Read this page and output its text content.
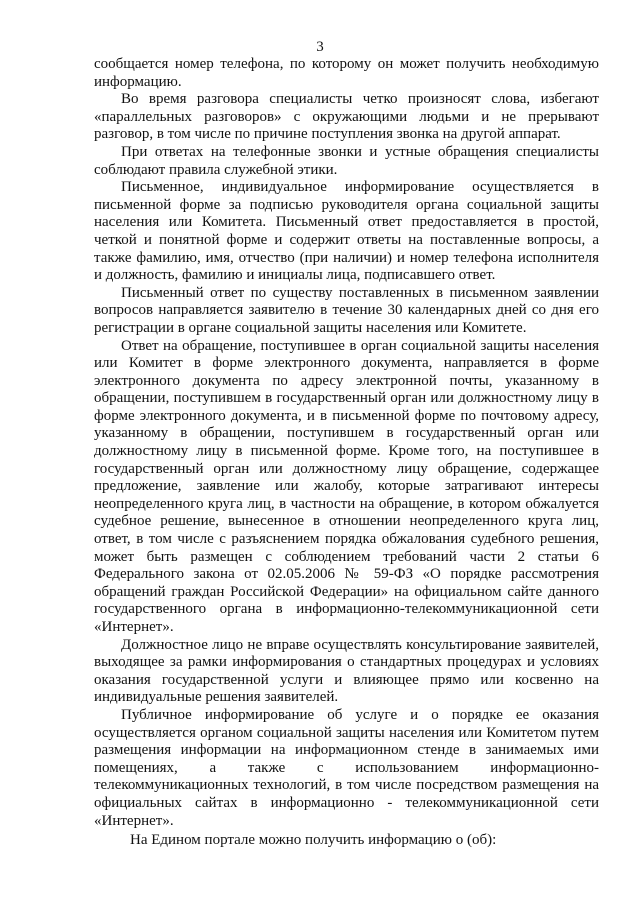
3

сообщается номер телефона, по которому он может получить необходимую информацию.

Во время разговора специалисты четко произносят слова, избегают «параллельных разговоров» с окружающими людьми и не прерывают разговор, в том числе по причине поступления звонка на другой аппарат.

При ответах на телефонные звонки и устные обращения специалисты соблюдают правила служебной этики.

Письменное, индивидуальное информирование осуществляется в письменной форме за подписью руководителя органа социальной защиты населения или Комитета. Письменный ответ предоставляется в простой, четкой и понятной форме и содержит ответы на поставленные вопросы, а также фамилию, имя, отчество (при наличии) и номер телефона исполнителя и должность, фамилию и инициалы лица, подписавшего ответ.

Письменный ответ по существу поставленных в письменном заявлении вопросов направляется заявителю в течение 30 календарных дней со дня его регистрации в органе социальной защиты населения или Комитете.

Ответ на обращение, поступившее в орган социальной защиты населения или Комитет в форме электронного документа, направляется в форме электронного документа по адресу электронной почты, указанному в обращении, поступившем в государственный орган или должностному лицу в форме электронного документа, и в письменной форме по почтовому адресу, указанному в обращении, поступившем в государственный орган или должностному лицу в письменной форме. Кроме того, на поступившее в государственный орган или должностному лицу обращение, содержащее предложение, заявление или жалобу, которые затрагивают интересы неопределенного круга лиц, в частности на обращение, в котором обжалуется судебное решение, вынесенное в отношении неопределенного круга лиц, ответ, в том числе с разъяснением порядка обжалования судебного решения, может быть размещен с соблюдением требований части 2 статьи 6 Федерального закона от 02.05.2006 № 59-ФЗ «О порядке рассмотрения обращений граждан Российской Федерации» на официальном сайте данного государственного органа в информационно-телекоммуникационной сети «Интернет».

Должностное лицо не вправе осуществлять консультирование заявителей, выходящее за рамки информирования о стандартных процедурах и условиях оказания государственной услуги и влияющее прямо или косвенно на индивидуальные решения заявителей.

Публичное информирование об услуге и о порядке ее оказания осуществляется органом социальной защиты населения или Комитетом путем размещения информации на информационном стенде в занимаемых ими помещениях, а также с использованием информационно-телекоммуникационных технологий, в том числе посредством размещения на официальных сайтах в информационно - телекоммуникационной сети «Интернет».

На Едином портале можно получить информацию о (об):
